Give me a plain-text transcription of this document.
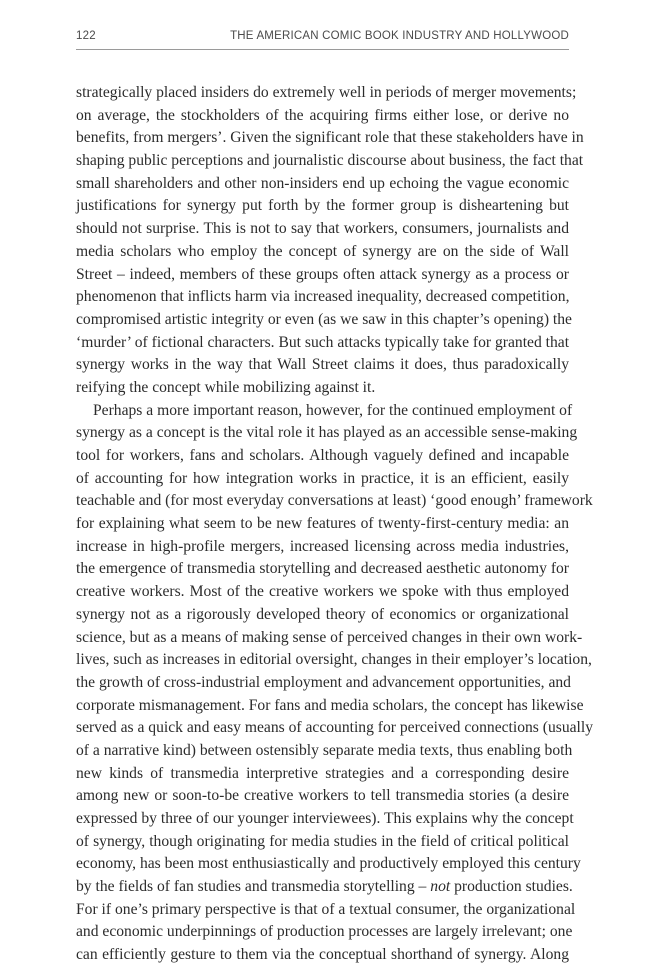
122	THE AMERICAN COMIC BOOK INDUSTRY AND HOLLYWOOD
strategically placed insiders do extremely well in periods of merger movements;
on average, the stockholders of the acquiring firms either lose, or derive no
benefits, from mergers’. Given the significant role that these stakeholders have in
shaping public perceptions and journalistic discourse about business, the fact that
small shareholders and other non-insiders end up echoing the vague economic
justifications for synergy put forth by the former group is disheartening but
should not surprise. This is not to say that workers, consumers, journalists and
media scholars who employ the concept of synergy are on the side of Wall
Street – indeed, members of these groups often attack synergy as a process or
phenomenon that inflicts harm via increased inequality, decreased competition,
compromised artistic integrity or even (as we saw in this chapter’s opening) the
‘murder’ of fictional characters. But such attacks typically take for granted that
synergy works in the way that Wall Street claims it does, thus paradoxically
reifying the concept while mobilizing against it.
Perhaps a more important reason, however, for the continued employment of
synergy as a concept is the vital role it has played as an accessible sense-making
tool for workers, fans and scholars. Although vaguely defined and incapable
of accounting for how integration works in practice, it is an efficient, easily
teachable and (for most everyday conversations at least) ‘good enough’ framework
for explaining what seem to be new features of twenty-first-century media: an
increase in high-profile mergers, increased licensing across media industries,
the emergence of transmedia storytelling and decreased aesthetic autonomy for
creative workers. Most of the creative workers we spoke with thus employed
synergy not as a rigorously developed theory of economics or organizational
science, but as a means of making sense of perceived changes in their own work-
lives, such as increases in editorial oversight, changes in their employer’s location,
the growth of cross-industrial employment and advancement opportunities, and
corporate mismanagement. For fans and media scholars, the concept has likewise
served as a quick and easy means of accounting for perceived connections (usually
of a narrative kind) between ostensibly separate media texts, thus enabling both
new kinds of transmedia interpretive strategies and a corresponding desire
among new or soon-to-be creative workers to tell transmedia stories (a desire
expressed by three of our younger interviewees). This explains why the concept
of synergy, though originating for media studies in the field of critical political
economy, has been most enthusiastically and productively employed this century
by the fields of fan studies and transmedia storytelling – not production studies.
For if one’s primary perspective is that of a textual consumer, the organizational
and economic underpinnings of production processes are largely irrelevant; one
can efficiently gesture to them via the conceptual shorthand of synergy. Along
